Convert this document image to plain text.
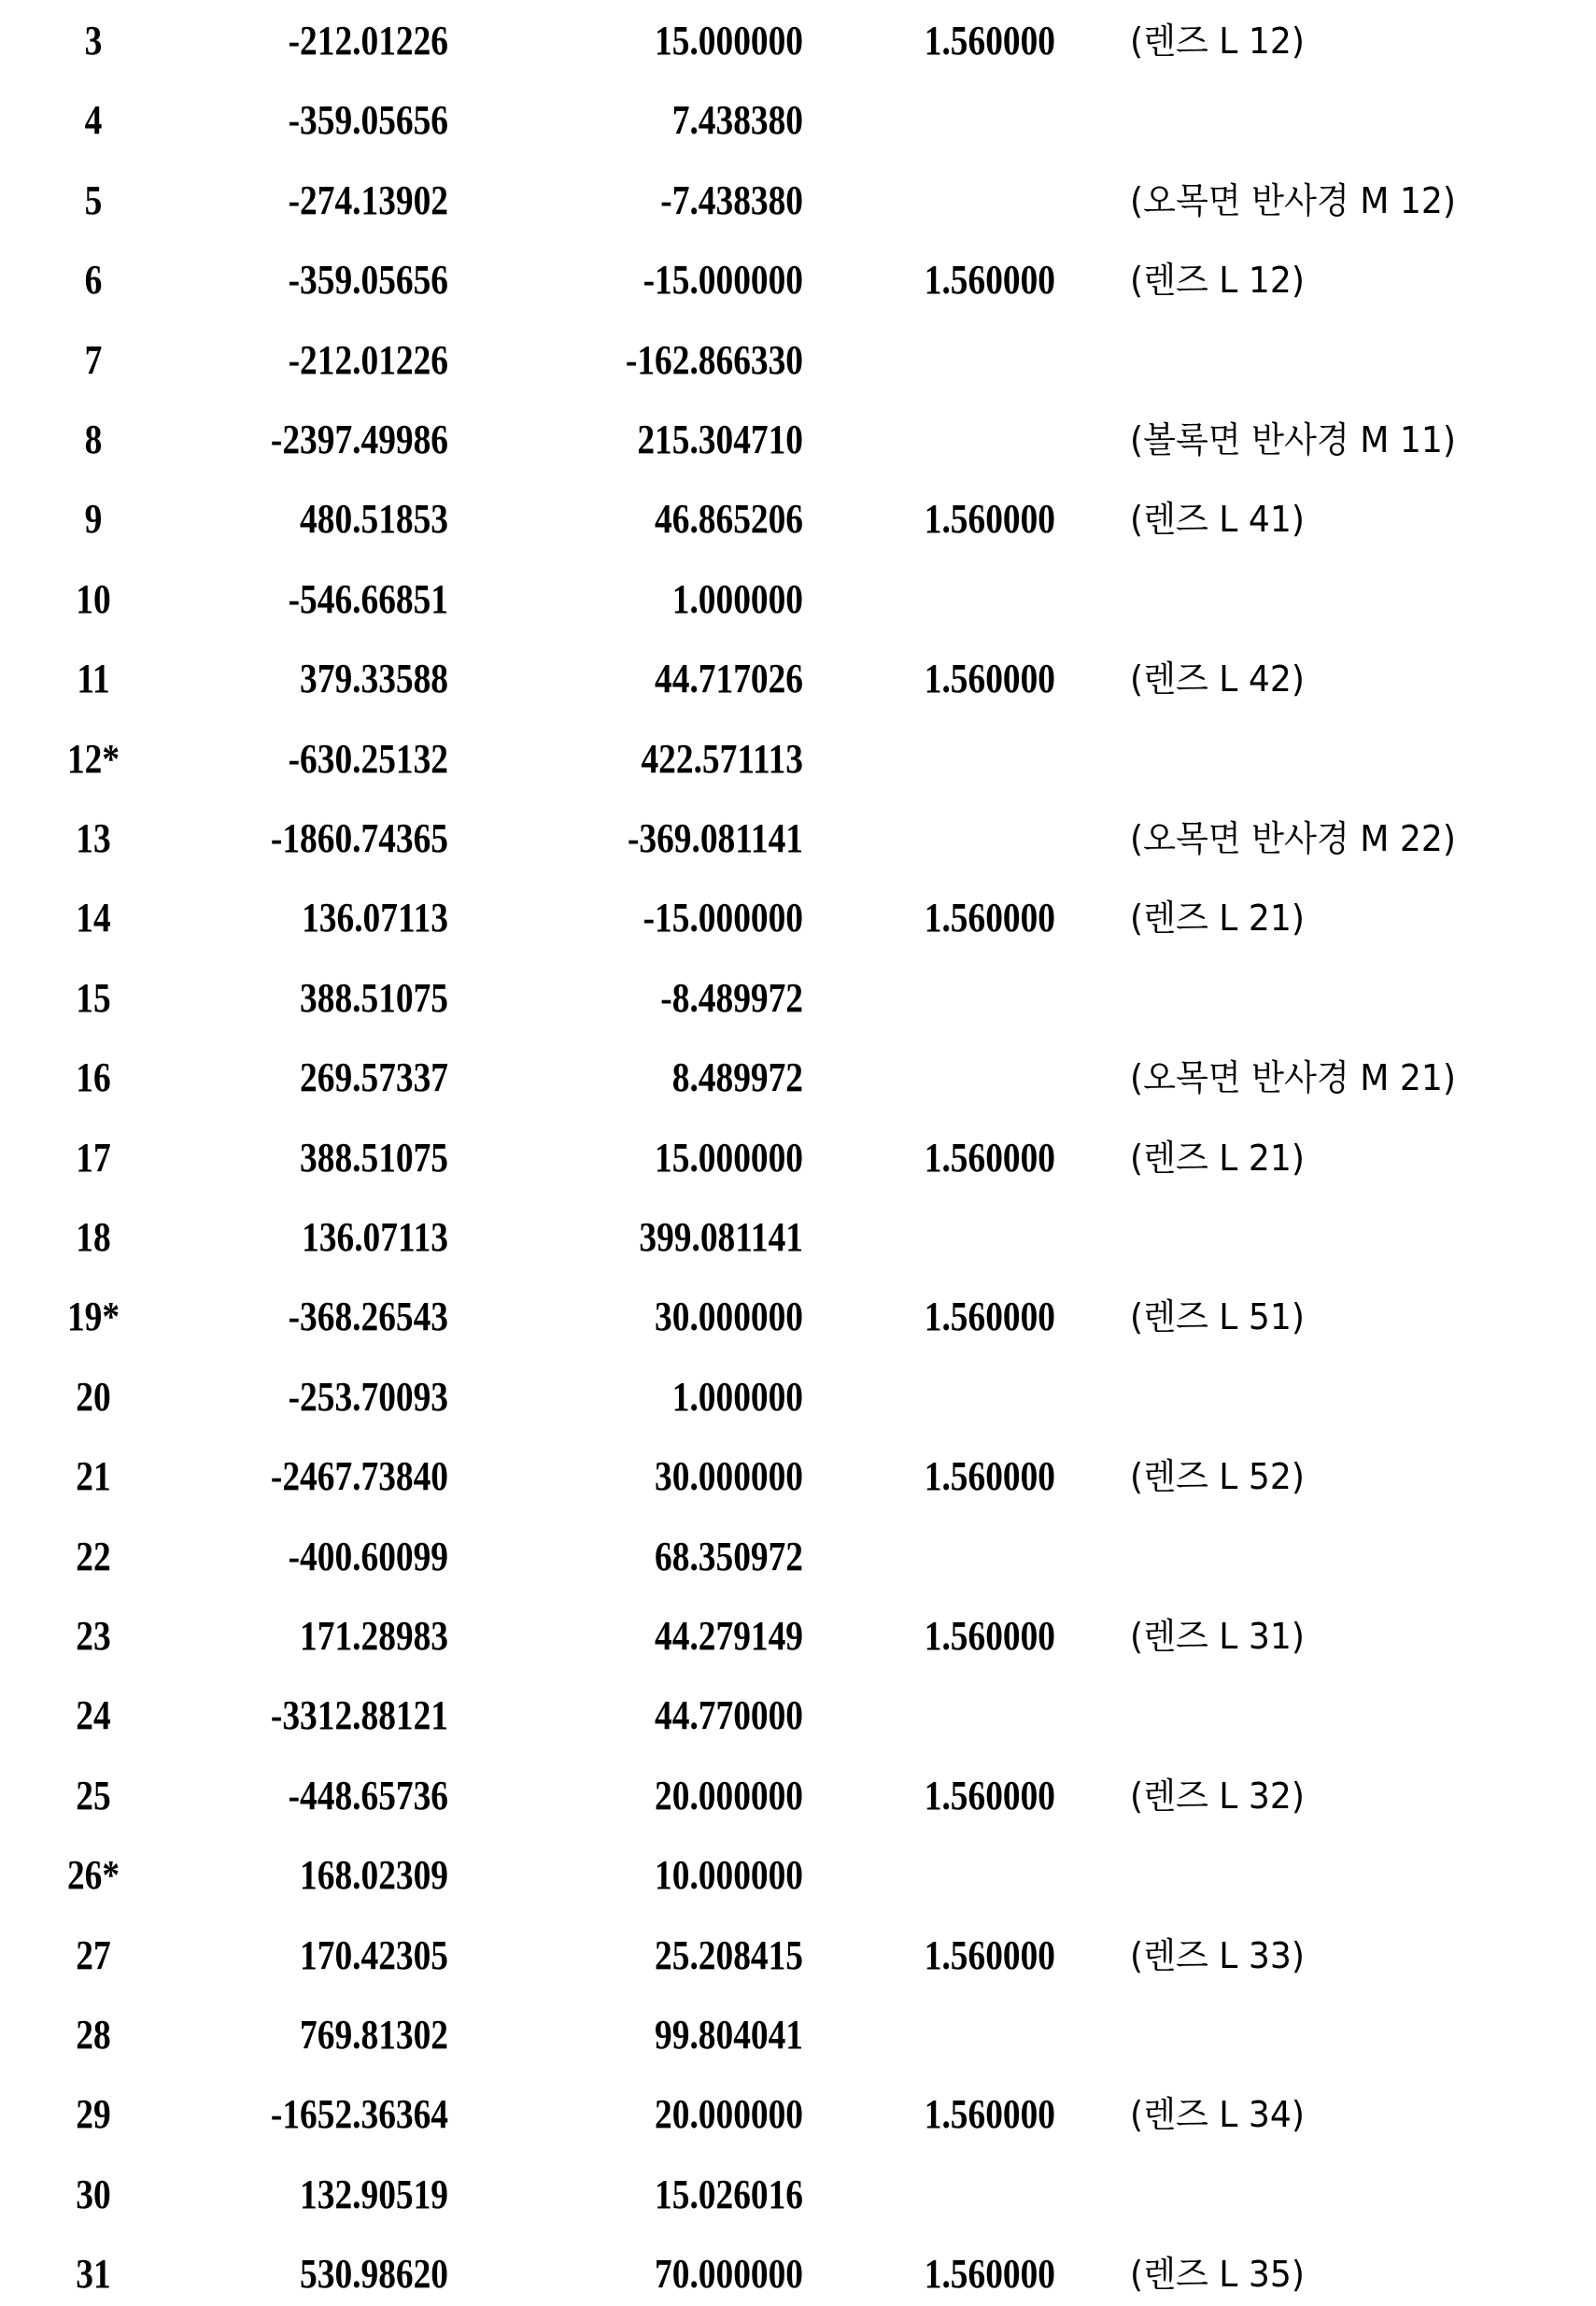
3	-212.01226	15.000000	1.560000 (렌즈 L 12)
4	-359.05656	7.438380
5	-274.13902	-7.438380	(오목면 반사경 M 12)
6	-359.05656	-15.000000	1.560000 (렌즈 L 12)
7	-212.01226	-162.866330
8	-2397.49986	215.304710	(볼록면 반사경 M 11)
9	480.51853	46.865206	1.560000 (렌즈 L 41)
10	-546.66851	1.000000
11	379.33588	44.717026	1.560000 (렌즈 L 42)
12*	-630.25132	422.571113
13	-1860.74365	-369.081141	(오목면 반사경 M 22)
14	136.07113	-15.000000	1.560000 (렌즈 L 21)
15	388.51075	-8.489972
16	269.57337	8.489972	(오목면 반사경 M 21)
17	388.51075	15.000000	1.560000 (렌즈 L 21)
18	136.07113	399.081141
19*	-368.26543	30.000000	1.560000 (렌즈 L 51)
20	-253.70093	1.000000
21	-2467.73840	30.000000	1.560000 (렌즈 L 52)
22	-400.60099	68.350972
23	171.28983	44.279149	1.560000 (렌즈 L 31)
24	-3312.88121	44.770000
25	-448.65736	20.000000	1.560000 (렌즈 L 32)
26*	168.02309	10.000000
27	170.42305	25.208415	1.560000 (렌즈 L 33)
28	769.81302	99.804041
29	-1652.36364	20.000000	1.560000 (렌즈 L 34)
30	132.90519	15.026016
31	530.98620	70.000000	1.560000 (렌즈 L 35)
